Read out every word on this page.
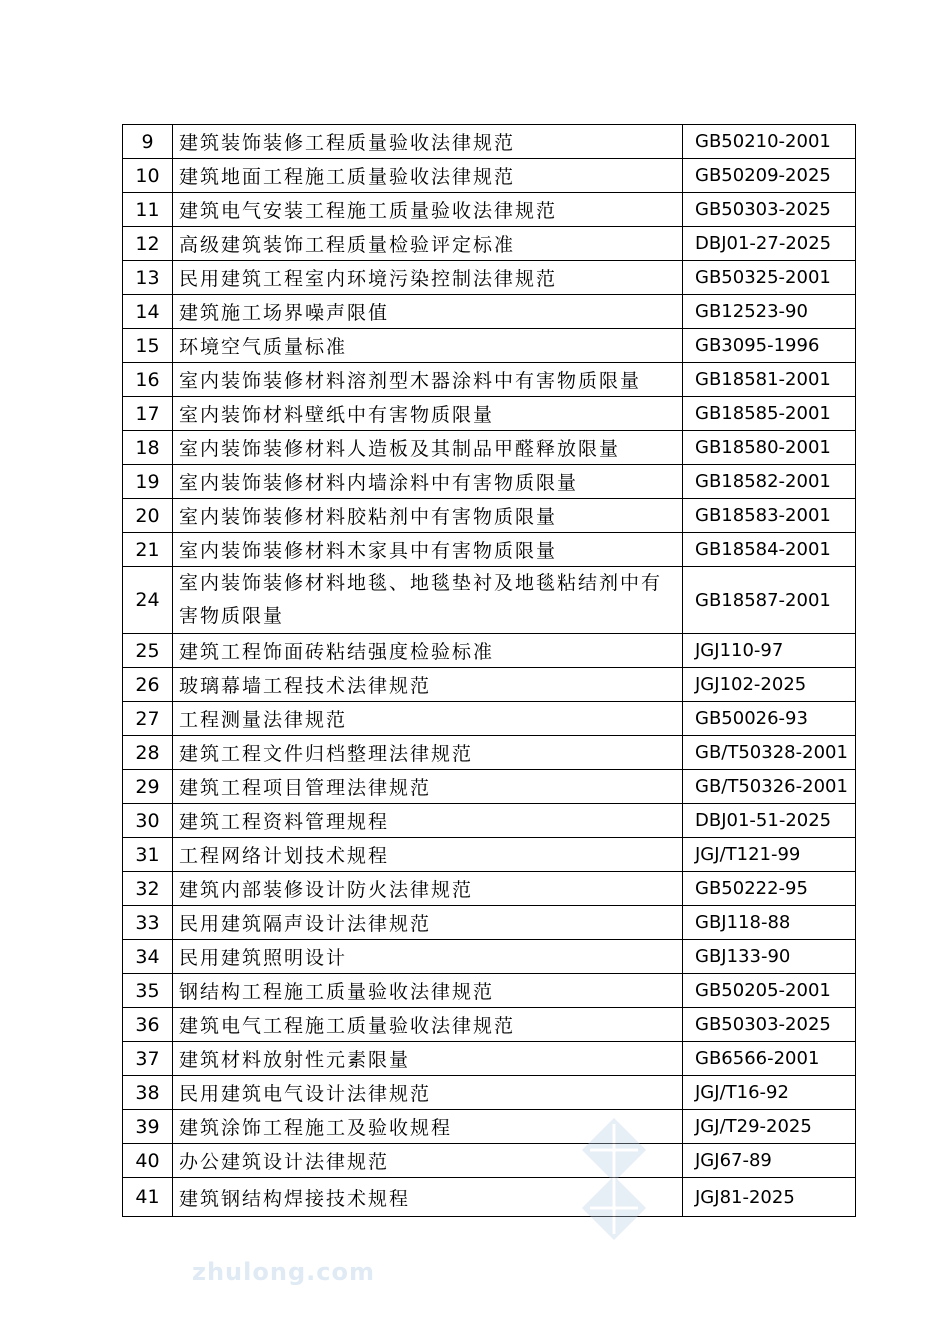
9	建筑装饰装修工程质量验收法律规范	GB50210-2001
10	建筑地面工程施工质量验收法律规范	GB50209-2025
11	建筑电气安装工程施工质量验收法律规范	GB50303-2025
12	高级建筑装饰工程质量检验评定标准	DBJ01-27-2025
13	民用建筑工程室内环境污染控制法律规范	GB50325-2001
14	建筑施工场界噪声限值	GB12523-90
15	环境空气质量标准	GB3095-1996
16	室内装饰装修材料溶剂型木器涂料中有害物质限量	GB18581-2001
17	室内装饰材料壁纸中有害物质限量	GB18585-2001
18	室内装饰装修材料人造板及其制品甲醛释放限量	GB18580-2001
19	室内装饰装修材料内墙涂料中有害物质限量	GB18582-2001
20	室内装饰装修材料胶粘剂中有害物质限量	GB18583-2001
21	室内装饰装修材料木家具中有害物质限量	GB18584-2001
24	室内装饰装修材料地毯、地毯垫衬及地毯粘结剂中有害物质限量	GB18587-2001
25	建筑工程饰面砖粘结强度检验标准	JGJ110-97
26	玻璃幕墙工程技术法律规范	JGJ102-2025
27	工程测量法律规范	GB50026-93
28	建筑工程文件归档整理法律规范	GB/T50328-2001
29	建筑工程项目管理法律规范	GB/T50326-2001
30	建筑工程资料管理规程	DBJ01-51-2025
31	工程网络计划技术规程	JGJ/T121-99
32	建筑内部装修设计防火法律规范	GB50222-95
33	民用建筑隔声设计法律规范	GBJ118-88
34	民用建筑照明设计	GBJ133-90
35	钢结构工程施工质量验收法律规范	GB50205-2001
36	建筑电气工程施工质量验收法律规范	GB50303-2025
37	建筑材料放射性元素限量	GB6566-2001
38	民用建筑电气设计法律规范	JGJ/T16-92
39	建筑涂饰工程施工及验收规程	JGJ/T29-2025
40	办公建筑设计法律规范	JGJ67-89
41	建筑钢结构焊接技术规程	JGJ81-2025
zhulong.com
